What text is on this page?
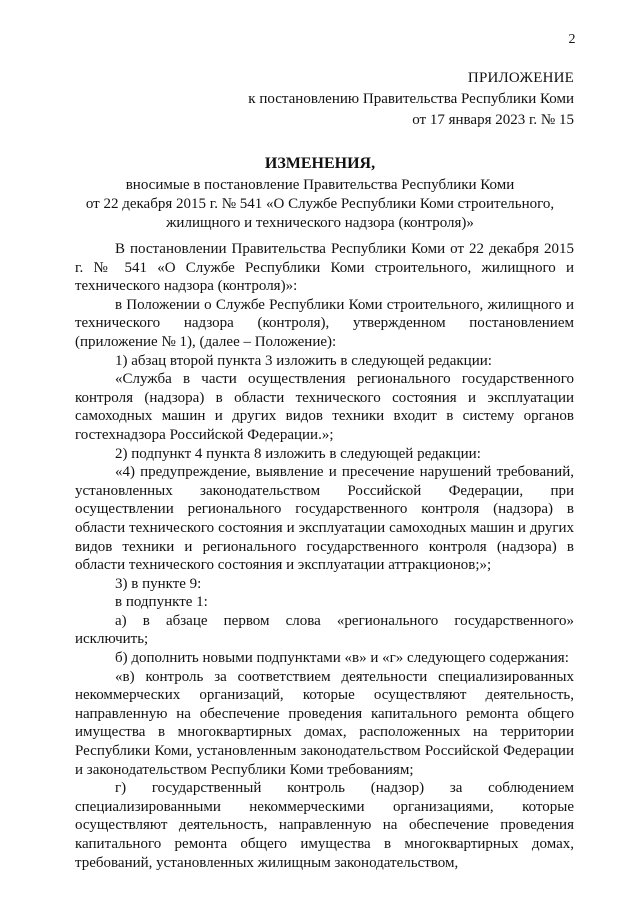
2
ПРИЛОЖЕНИЕ
к постановлению Правительства Республики Коми
от 17 января 2023 г. № 15
ИЗМЕНЕНИЯ,
вносимые в постановление Правительства Республики Коми
от 22 декабря 2015 г. № 541 «О Службе Республики Коми строительного,
жилищного и технического надзора (контроля)»

В постановлении Правительства Республики Коми от 22 декабря 2015 г. № 541 «О Службе Республики Коми строительного, жилищного и технического надзора (контроля)»:

в Положении о Службе Республики Коми строительного, жилищного и технического надзора (контроля), утвержденном постановлением (приложение № 1), (далее – Положение):

1) абзац второй пункта 3 изложить в следующей редакции:

«Служба в части осуществления регионального государственного контроля (надзора) в области технического состояния и эксплуатации самоходных машин и других видов техники входит в систему органов гостехнадзора Российской Федерации.»;

2) подпункт 4 пункта 8 изложить в следующей редакции:

«4) предупреждение, выявление и пресечение нарушений требований, установленных законодательством Российской Федерации, при осуществлении регионального государственного контроля (надзора) в области технического состояния и эксплуатации самоходных машин и других видов техники и регионального государственного контроля (надзора) в области технического состояния и эксплуатации аттракционов;»;

3) в пункте 9:

в подпункте 1:

а) в абзаце первом слова «регионального государственного» исключить;

б) дополнить новыми подпунктами «в» и «г» следующего содержания:

«в) контроль за соответствием деятельности специализированных некоммерческих организаций, которые осуществляют деятельность, направленную на обеспечение проведения капитального ремонта общего имущества в многоквартирных домах, расположенных на территории Республики Коми, установленным законодательством Российской Федерации и законодательством Республики Коми требованиям;

г) государственный контроль (надзор) за соблюдением специализированными некоммерческими организациями, которые осуществляют деятельность, направленную на обеспечение проведения капитального ремонта общего имущества в многоквартирных домах, требований, установленных жилищным законодательством,
